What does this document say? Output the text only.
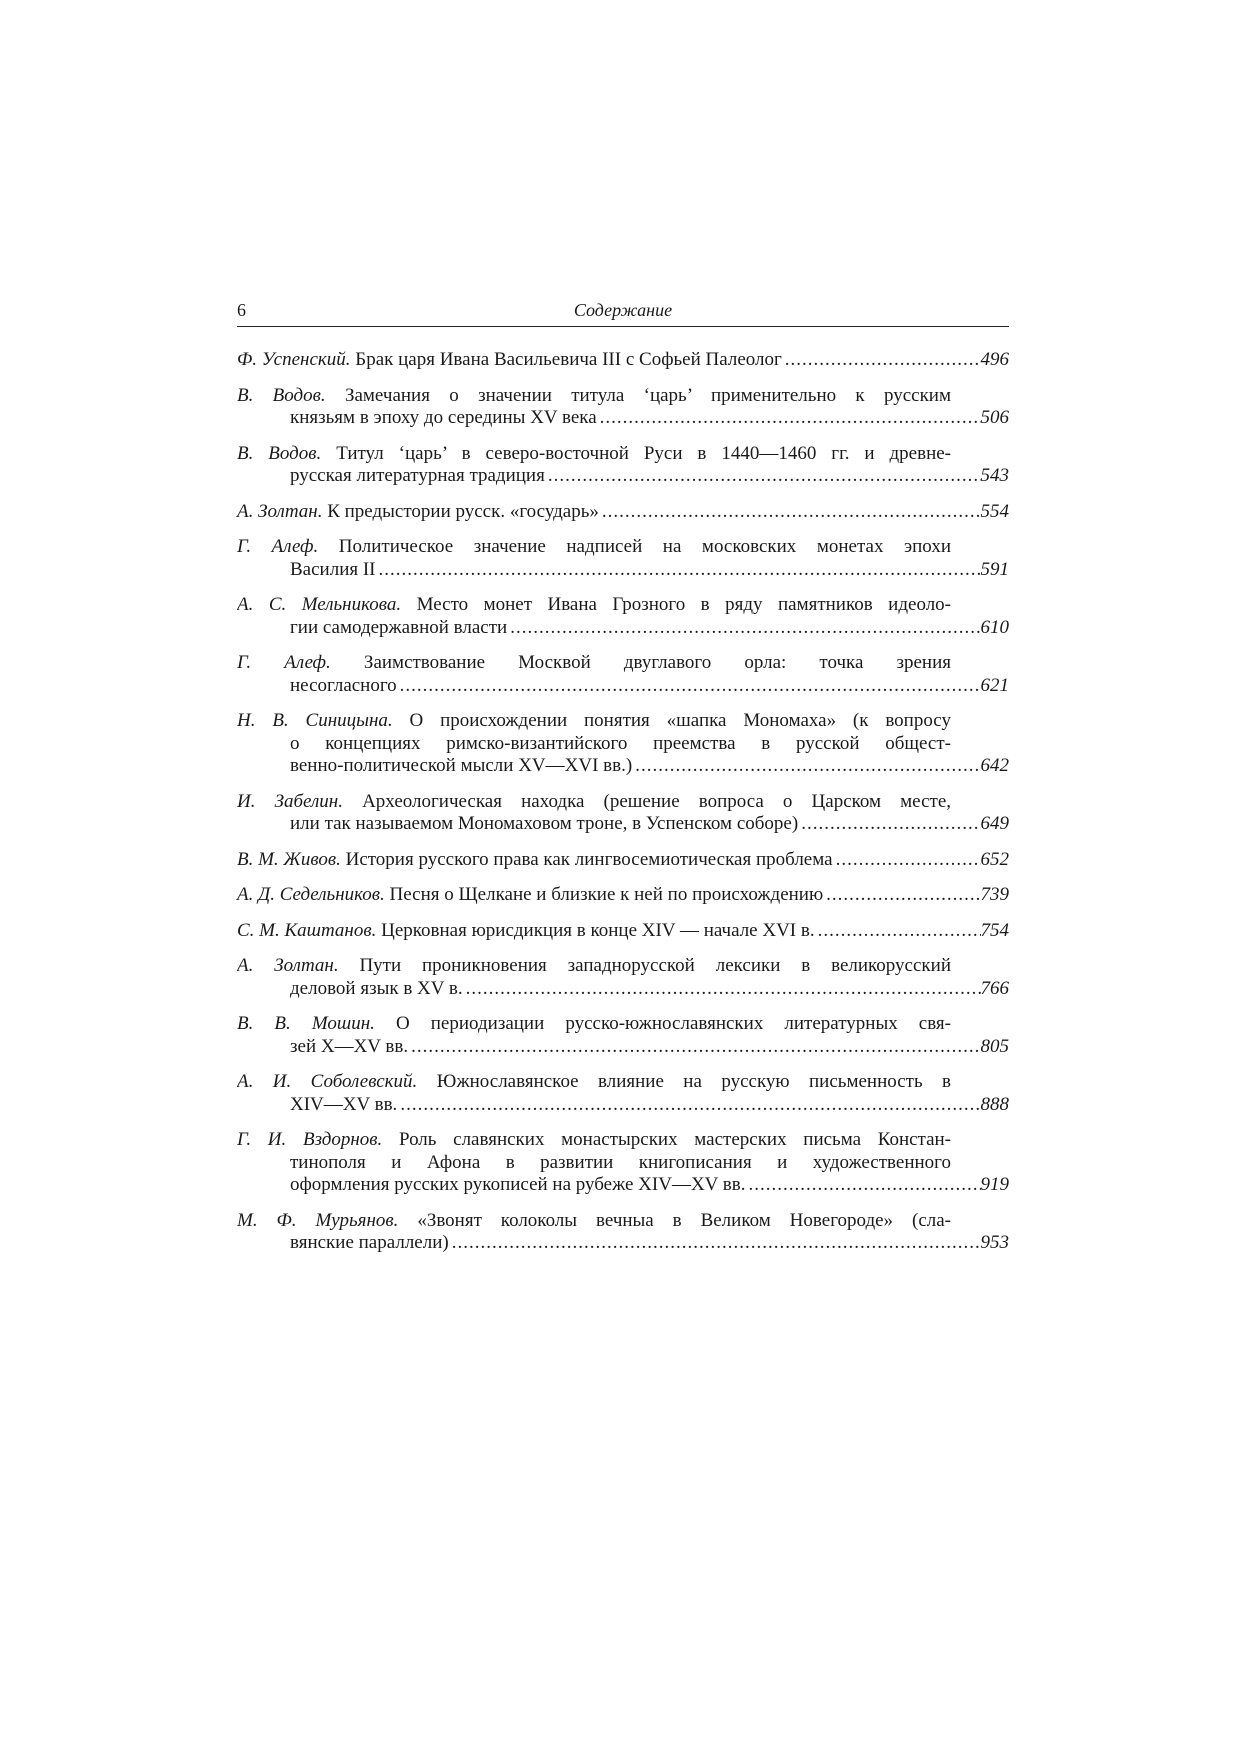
6	Содержание
Ф. Успенский. Брак царя Ивана Васильевича III с Софьей Палеолог .....	496
В. Водов. Замечания о значении титула ‘царь’ применительно к русским
князьям в эпоху до середины XV века .....	506
В. Водов. Титул ‘царь’ в северо-восточной Руси в 1440—1460 гг. и древне-
русская литературная традиция .....	543
А. Золтан. К предыстории русск. «государь» .....	554
Г. Алеф. Политическое значение надписей на московских монетах эпохи
Василия II .....	591
А. С. Мельникова. Место монет Ивана Грозного в ряду памятников идеоло-
гии самодержавной власти .....	610
Г. Алеф. Заимствование Москвой двуглавого орла: точка зрения
несогласного .....	621
Н. В. Синицына. О происхождении понятия «шапка Мономаха» (к вопросу
о концепциях римско-византийского преемства в русской общест-
венно-политической мысли XV—XVI вв.) .....	642
И. Забелин. Археологическая находка (решение вопроса о Царском месте,
или так называемом Мономаховом троне, в Успенском соборе) .....	649
В. М. Живов. История русского права как лингвосемиотическая проблема .....	652
А. Д. Седельников. Песня о Щелкане и близкие к ней по происхождению .....	739
С. М. Каштанов. Церковная юрисдикция в конце XIV — начале XVI в. .....	754
А. Золтан. Пути проникновения западнорусской лексики в великорусский
деловой язык в XV в. .....	766
В. В. Мошин. О периодизации русско-южнославянских литературных свя-
зей X—XV вв. .....	805
А. И. Соболевский. Южнославянское влияние на русскую письменность в
XIV—XV вв. .....	888
Г. И. Вздорнов. Роль славянских монастырских мастерских письма Констан-
тинополя и Афона в развитии книгописания и художественного
оформления русских рукописей на рубеже XIV—XV вв. .....	919
М. Ф. Мурьянов. «Звонят колоколы вечныа в Великом Новегороде» (сла-
вянские параллели) .....	953
